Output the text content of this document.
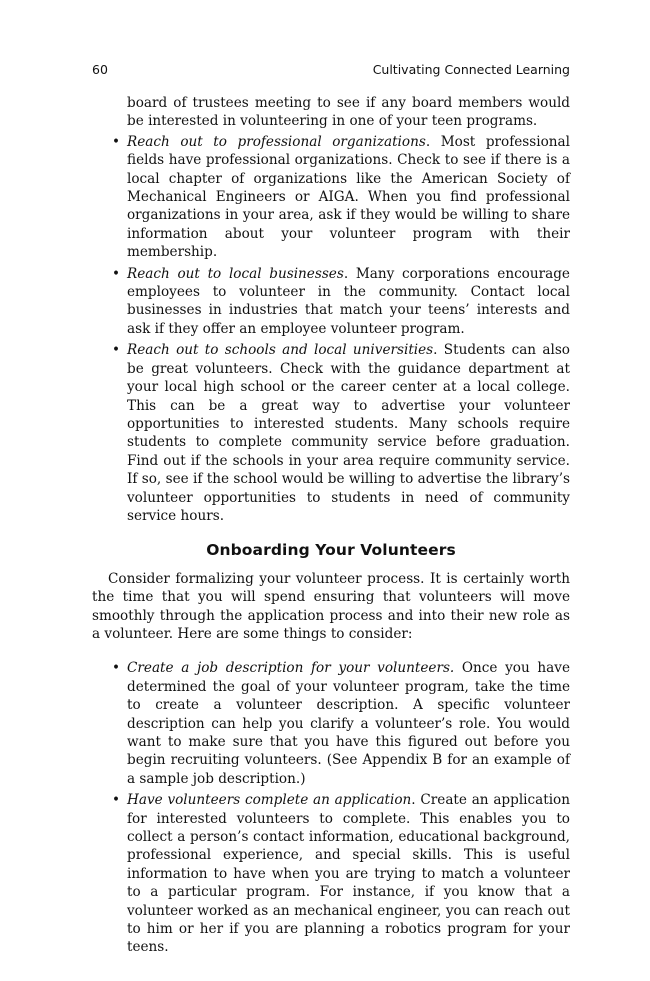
60	Cultivating Connected Learning

board of trustees meeting to see if any board members would be interested in volunteering in one of your teen programs.

• Reach out to professional organizations. Most professional fields have professional organizations. Check to see if there is a local chapter of organizations like the American Society of Mechanical Engineers or AIGA. When you find professional organizations in your area, ask if they would be willing to share information about your volunteer program with their membership.
• Reach out to local businesses. Many corporations encourage employees to volunteer in the community. Contact local businesses in industries that match your teens’ interests and ask if they offer an employee volunteer program.
• Reach out to schools and local universities. Students can also be great volunteers. Check with the guidance department at your local high school or the career center at a local college. This can be a great way to advertise your volunteer opportunities to interested students. Many schools require students to complete community service before graduation. Find out if the schools in your area require community service. If so, see if the school would be willing to advertise the library’s volunteer opportunities to students in need of community service hours.
Onboarding Your Volunteers

Consider formalizing your volunteer process. It is certainly worth the time that you will spend ensuring that volunteers will move smoothly through the application process and into their new role as a volunteer. Here are some things to consider:

• Create a job description for your volunteers. Once you have determined the goal of your volunteer program, take the time to create a volunteer description. A specific volunteer description can help you clarify a volunteer’s role. You would want to make sure that you have this figured out before you begin recruiting volunteers. (See Appendix B for an example of a sample job description.)
• Have volunteers complete an application. Create an application for interested volunteers to complete. This enables you to collect a person’s contact information, educational background, professional experience, and special skills. This is useful information to have when you are trying to match a volunteer to a particular program. For instance, if you know that a volunteer worked as an mechanical engineer, you can reach out to him or her if you are planning a robotics program for your teens.
